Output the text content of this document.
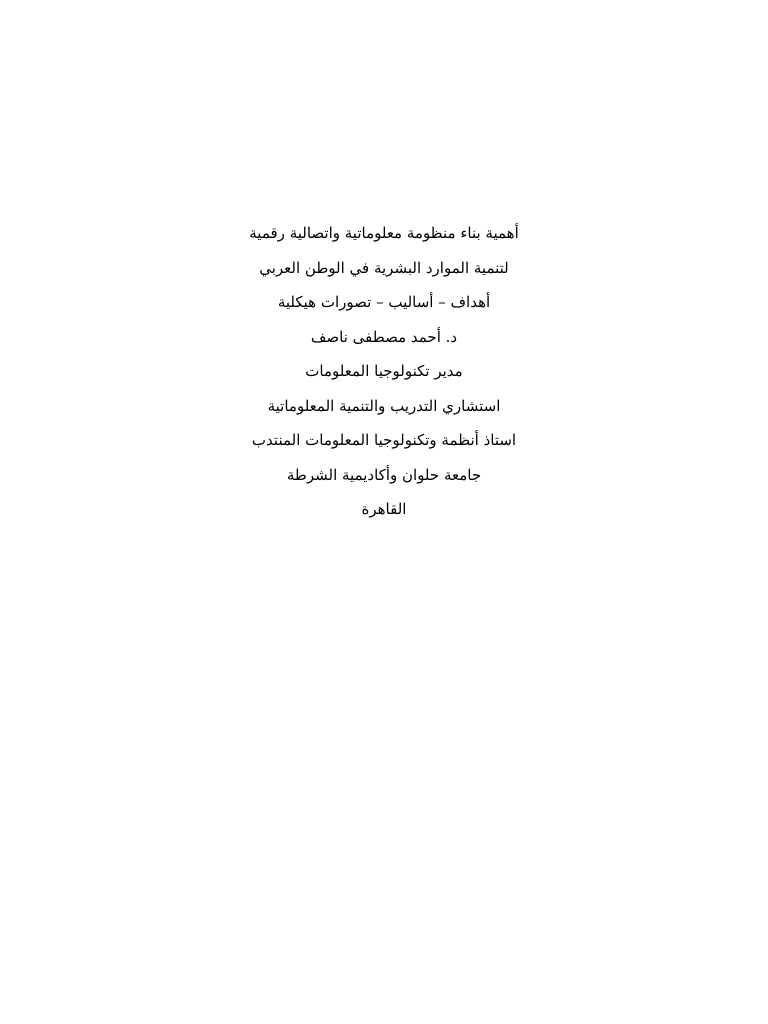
أهمية بناء منظومة معلوماتية واتصالية رقمية
لتنمية الموارد البشرية في الوطن العربي
أهداف – أساليب – تصورات هيكلية
د. أحمد مصطفى ناصف
مدير تكنولوجيا المعلومات
استشاري التدريب والتنمية المعلوماتية
استاذ أنظمة وتكنولوجيا المعلومات المنتدب
جامعة حلوان وأكاديمية الشرطة
القاهرة
